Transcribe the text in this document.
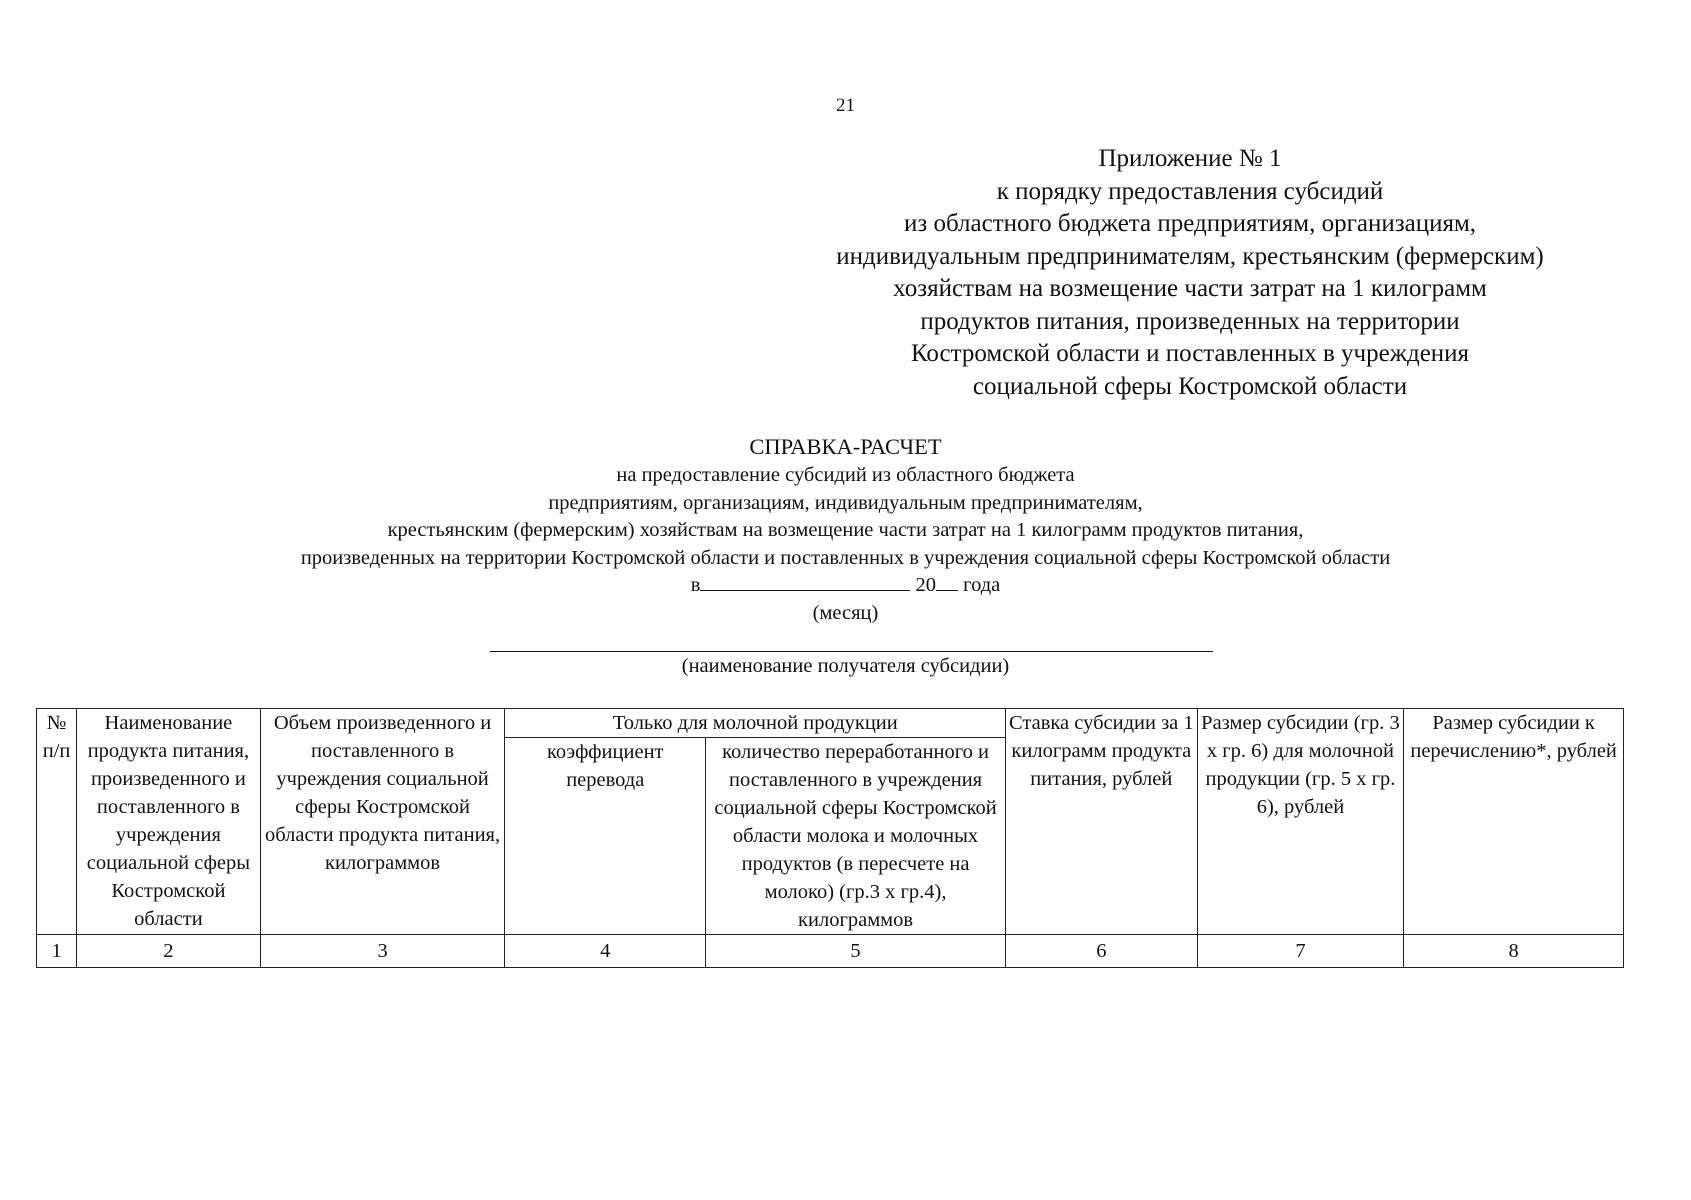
21
Приложение № 1
к порядку предоставления субсидий
из областного бюджета предприятиям, организациям,
индивидуальным предпринимателям, крестьянским (фермерским)
хозяйствам на возмещение части затрат на 1 килограмм
продуктов питания, произведенных на территории
Костромской области и поставленных в учреждения
социальной сферы Костромской области
СПРАВКА-РАСЧЕТ
на предоставление субсидий из областного бюджета
предприятиям, организациям, индивидуальным предпринимателям,
крестьянским (фермерским) хозяйствам на возмещение части затрат на 1 килограмм продуктов питания,
произведенных на территории Костромской области и поставленных в учреждения социальной сферы Костромской области
в	20 года
(месяц)
(наименование получателя субсидии)
№ п/п	Наименование продукта питания, произведенного и поставленного в учреждения социальной сферы Костромской области	Объем произведенного и поставленного в учреждения социальной сферы Костромской области продукта питания, килограммов	Только для молочной продукции		Ставка субсидии за 1 килограмм продукта питания, рублей	Размер субсидии (гр. 3 х гр. 6) для молочной продукции (гр. 5 х гр. 6), рублей	Размер субсидии к перечислению*, рублей
			коэффициент перевода	количество переработанного и поставленного в учреждения социальной сферы Костромской области молока и молочных продуктов (в пересчете на молоко) (гр.3 х гр.4), килограммов			
1	2	3	4	5	6	7	8
